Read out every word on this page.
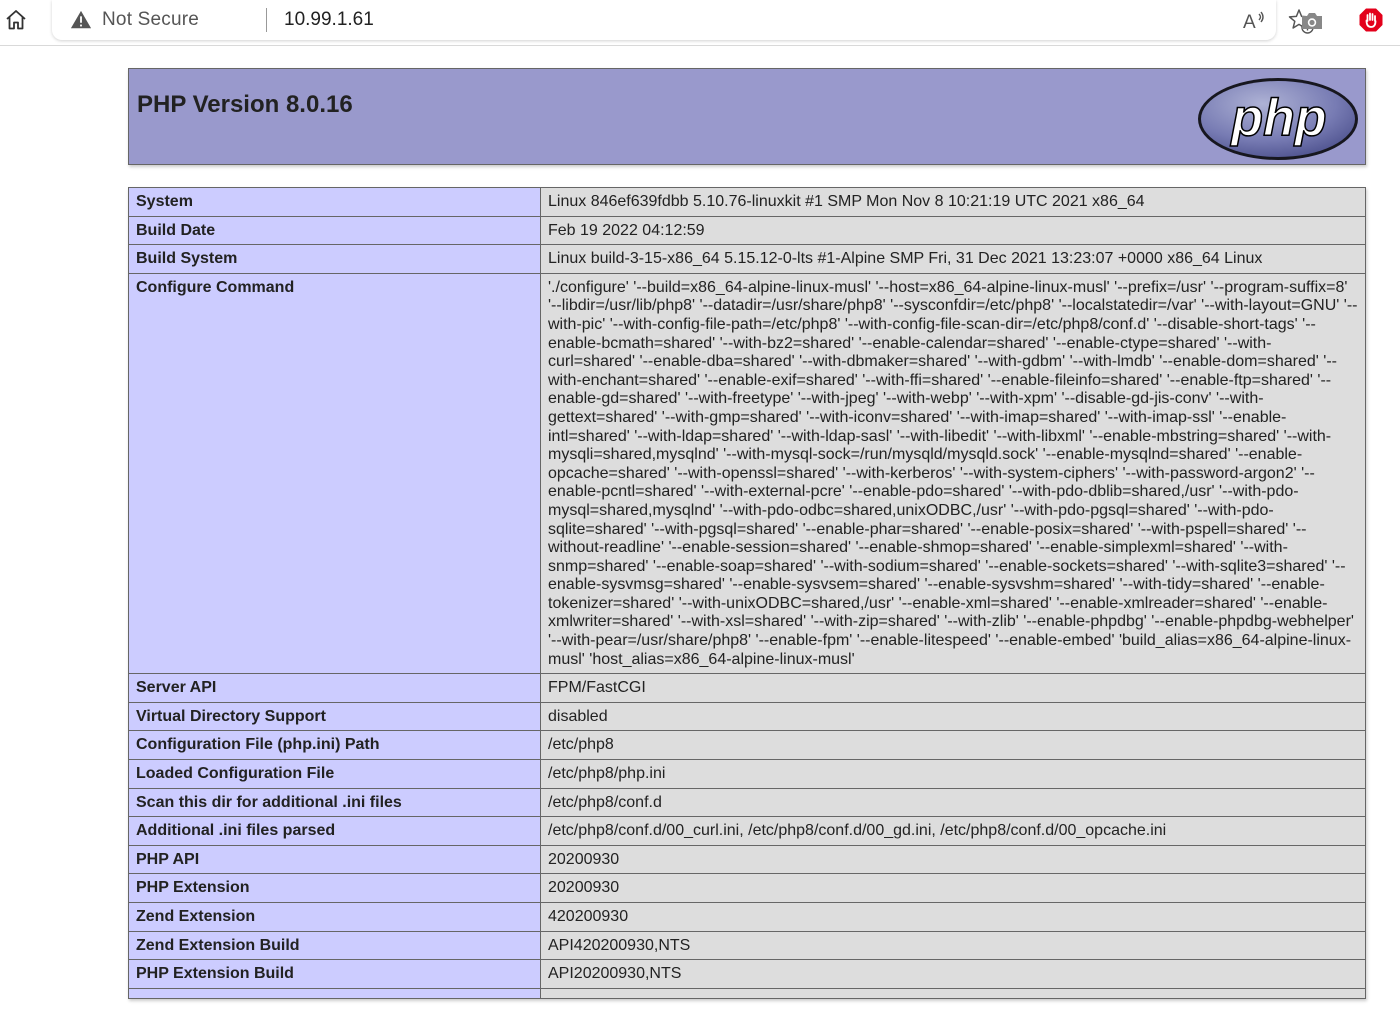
Not Secure	10.99.1.61	A
PHP Version 8.0.16	php
System	Linux 846ef639fdbb 5.10.76-linuxkit #1 SMP Mon Nov 8 10:21:19 UTC 2021 x86_64
Build Date	Feb 19 2022 04:12:59
Build System	Linux build-3-15-x86_64 5.15.12-0-lts #1-Alpine SMP Fri, 31 Dec 2021 13:23:07 +0000 x86_64 Linux
Configure Command	'./configure' '--build=x86_64-alpine-linux-musl' '--host=x86_64-alpine-linux-musl' '--prefix=/usr' '--program-suffix=8' '--libdir=/usr/lib/php8' '--datadir=/usr/share/php8' '--sysconfdir=/etc/php8' '--localstatedir=/var' '--with-layout=GNU' '--with-pic' '--with-config-file-path=/etc/php8' '--with-config-file-scan-dir=/etc/php8/conf.d' '--disable-short-tags' '--enable-bcmath=shared' '--with-bz2=shared' '--enable-calendar=shared' '--enable-ctype=shared' '--with-curl=shared' '--enable-dba=shared' '--with-dbmaker=shared' '--with-gdbm' '--with-lmdb' '--enable-dom=shared' '--with-enchant=shared' '--enable-exif=shared' '--with-ffi=shared' '--enable-fileinfo=shared' '--enable-ftp=shared' '--enable-gd=shared' '--with-freetype' '--with-jpeg' '--with-webp' '--with-xpm' '--disable-gd-jis-conv' '--with-gettext=shared' '--with-gmp=shared' '--with-iconv=shared' '--with-imap=shared' '--with-imap-ssl' '--enable-intl=shared' '--with-ldap=shared' '--with-ldap-sasl' '--with-libedit' '--with-libxml' '--enable-mbstring=shared' '--with-mysqli=shared,mysqlnd' '--with-mysql-sock=/run/mysqld/mysqld.sock' '--enable-mysqlnd=shared' '--enable-opcache=shared' '--with-openssl=shared' '--with-kerberos' '--with-system-ciphers' '--with-password-argon2' '--enable-pcntl=shared' '--with-external-pcre' '--enable-pdo=shared' '--with-pdo-dblib=shared,/usr' '--with-pdo-mysql=shared,mysqlnd' '--with-pdo-odbc=shared,unixODBC,/usr' '--with-pdo-pgsql=shared' '--with-pdo-sqlite=shared' '--with-pgsql=shared' '--enable-phar=shared' '--enable-posix=shared' '--with-pspell=shared' '--without-readline' '--enable-session=shared' '--enable-shmop=shared' '--enable-simplexml=shared' '--with-snmp=shared' '--enable-soap=shared' '--with-sodium=shared' '--enable-sockets=shared' '--with-sqlite3=shared' '--enable-sysvmsg=shared' '--enable-sysvsem=shared' '--enable-sysvshm=shared' '--with-tidy=shared' '--enable-tokenizer=shared' '--with-unixODBC=shared,/usr' '--enable-xml=shared' '--enable-xmlreader=shared' '--enable-xmlwriter=shared' '--with-xsl=shared' '--with-zip=shared' '--with-zlib' '--enable-phpdbg' '--enable-phpdbg-webhelper' '--with-pear=/usr/share/php8' '--enable-fpm' '--enable-litespeed' '--enable-embed' 'build_alias=x86_64-alpine-linux-musl' 'host_alias=x86_64-alpine-linux-musl'
Server API	FPM/FastCGI
Virtual Directory Support	disabled
Configuration File (php.ini) Path	/etc/php8
Loaded Configuration File	/etc/php8/php.ini
Scan this dir for additional .ini files	/etc/php8/conf.d
Additional .ini files parsed	/etc/php8/conf.d/00_curl.ini, /etc/php8/conf.d/00_gd.ini, /etc/php8/conf.d/00_opcache.ini
PHP API	20200930
PHP Extension	20200930
Zend Extension	420200930
Zend Extension Build	API420200930,NTS
PHP Extension Build	API20200930,NTS
